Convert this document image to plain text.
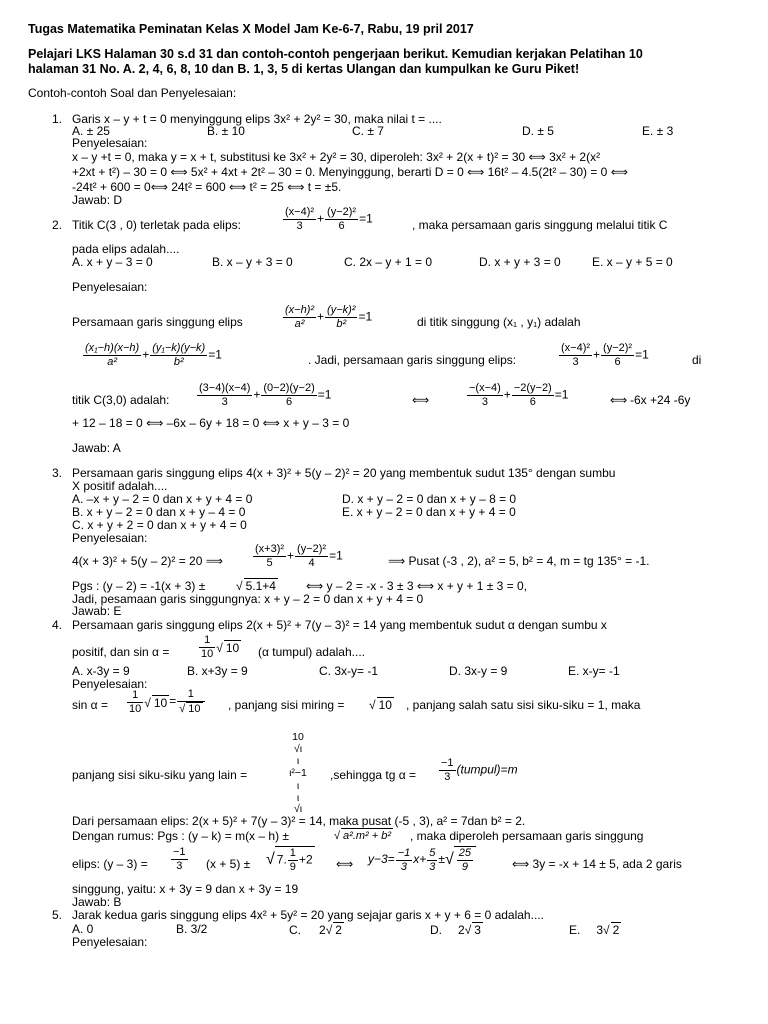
Tugas Matematika Peminatan Kelas X Model Jam Ke-6-7, Rabu, 19 pril 2017
Pelajari LKS Halaman 30 s.d 31 dan contoh-contoh pengerjaan berikut. Kemudian kerjakan Pelatihan 10
halaman 31 No. A. 2, 4, 6, 8, 10 dan B. 1, 3, 5 di kertas Ulangan dan kumpulkan ke Guru Piket!
Contoh-contoh Soal dan Penyelesaian:
1. Garis x – y + t = 0 menyinggung elips 3x² + 2y² = 30, maka nilai t = ....
A. ± 25	B. ± 10	C. ± 7	D. ± 5	E. ± 3
Penyelesaian:
x – y +t = 0, maka y = x + t, substitusi ke 3x² + 2y² = 30, diperoleh: 3x² + 2(x + t)² = 30 ⟺ 3x² + 2(x²
+2xt + t²) – 30 = 0 ⟺ 5x² + 4xt + 2t² – 30 = 0. Menyinggung, berarti D = 0 ⟺ 16t² – 4.5(2t² – 30) = 0 ⟺
-24t² + 600 = 0⟺ 24t² = 600 ⟺ t² = 25 ⟺ t = ±5.
Jawab: D
2. Titik C(3 , 0) terletak pada elips:	$\frac{\text{(x−4)²}}{3} + \frac{\text{(y−2)²}}{6} =1$	, maka persamaan garis singgung melalui titik C
pada elips adalah....
A. x + y – 3 = 0	B. x – y + 3 = 0	C. 2x – y + 1 = 0	D. x + y + 3 = 0	E. x – y + 5 = 0
Penyelesaian:
Persamaan garis singgung elips	$\frac{\text{(x−h)²}}{\text{a²}} + \frac{\text{(y−k)²}}{\text{b²}} =1$	di titik singgung (x₁ , y₁) adalah
$\frac{\text{(x₁−h)(x−h)}}{\text{a²}} + \frac{\text{(y₁−k)(y−k)}}{\text{b²}} =1$	. Jadi, persamaan garis singgung elips:	$\frac{\text{(x−4)²}}{3} + \frac{\text{(y−2)²}}{6} =1$	di
titik C(3,0) adalah:	$\frac{(3-4)(x-4)}{3} + \frac{(0-2)(y-2)}{6} =1$	⟺	$\frac{-(x-4)}{3} + \frac{-2(y-2)}{6} =1$	⟺ -6x +24 -6y
+ 12 – 18 = 0 ⟺ –6x – 6y + 18 = 0 ⟺ x + y – 3 = 0
Jawab: A
3. Persamaan garis singgung elips 4(x + 3)² + 5(y – 2)² = 20 yang membentuk sudut 135° dengan sumbu
X positif adalah....
A. –x + y – 2 = 0 dan x + y + 4 = 0
B. x + y – 2 = 0 dan x + y – 4 = 0
C. x + y + 2 = 0 dan x + y + 4 = 0
D. x + y – 2 = 0 dan x + y – 8 = 0
E. x + y – 2 = 0 dan x + y + 4 = 0
Penyelesaian:
4(x + 3)² + 5(y – 2)² = 20 ⟹	$\frac{\text{(x+3)²}}{5} + \frac{\text{(y−2)²}}{4} =1$	⟹ Pusat (-3 , 2), a² = 5, b² = 4, m = tg 135° = -1.
Pgs : (y – 2) = -1(x + 3) ±	√ 5.1+4	⟺ y – 2 = -x - 3 ± 3 ⟺ x + y + 1 ± 3 = 0,
Jadi, pesamaan garis singgungnya: x + y – 2 = 0 dan x + y + 4 = 0
Jawab: E
4. Persamaan garis singgung elips 2(x + 5)² + 7(y – 3)² = 14 yang membentuk sudut α dengan sumbu x
positif, dan sin α =	$\frac{1}{10}$ √ 10 (α tumpul) adalah....
A. x-3y = 9	B. x+3y = 9	C. 3x-y= -1	D. 3x-y = 9	E. x-y= -1
Penyelesaian:
$\sin \alpha = \frac{1}{10}$ √ $10 = \frac{1}{√ 10}$ , panjang sisi miring = √ 10 , panjang salah satu sisi siku-siku = 1, maka
10
√ι
ι
ι²−1
ι
ι
√ι
panjang sisi siku-siku yang lain =	,sehingga tg $\alpha = \frac{-1}{3}$ (tumpul)=m
Dari persamaan elips: 2(x + 5)² + 7(y – 3)² = 14, maka pusat (-5 , 3), a² = 7dan b² = 2.
Dengan rumus: Pgs : (y – k) = m(x – h) ±	√ a².m² + b² , maka diperoleh persamaan garis singgung
elips: $(y - 3) = \frac{-1}{3} (x + 5)$ ± √ 7. $\frac{1}{9} +2$ ⟺ $y-3= \frac{-1}{3} x+ \frac{5}{3}$ ±√ $\frac{25}{9}$	⟺ 3y = -x + 14 ± 5, ada 2 garis
singgung, yaitu: x + 3y = 9 dan x + 3y = 19
Jawab: B
5. Jarak kedua garis singgung elips 4x² + 5y² = 20 yang sejajar garis x + y + 6 = 0 adalah....
A. 0	B. 3/2	C. 2√ 2	D. 2√ 3	E. 3√ 2
Penyelesaian:
